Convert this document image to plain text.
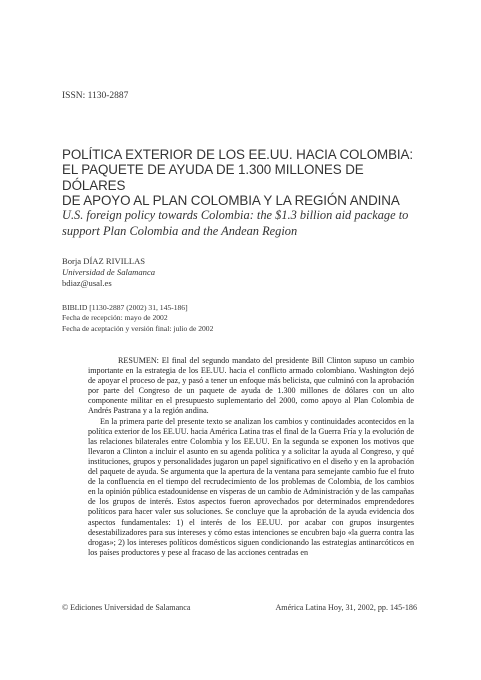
ISSN: 1130-2887
POLÍTICA EXTERIOR DE LOS EE.UU. HACIA COLOMBIA:
EL PAQUETE DE AYUDA DE 1.300 MILLONES DE DÓLARES
DE APOYO AL PLAN COLOMBIA Y LA REGIÓN ANDINA
U.S. foreign policy towards Colombia: the $1.3 billion aid package to
support Plan Colombia and the Andean Region
Borja DÍAZ RIVILLAS
Universidad de Salamanca
bdiaz@usal.es
BIBLID [1130-2887 (2002) 31, 145-186]
Fecha de recepción: mayo de 2002
Fecha de aceptación y versión final: julio de 2002

RESUMEN: El final del segundo mandato del presidente Bill Clinton supuso un cambio importante en la estrategia de los EE.UU. hacia el conflicto armado colombiano. Washington dejó de apoyar el proceso de paz, y pasó a tener un enfoque más belicista, que culminó con la aprobación por parte del Congreso de un paquete de ayuda de 1.300 millones de dólares con un alto componente militar en el presupuesto suplementario del 2000, como apoyo al Plan Colombia de Andrés Pastrana y a la región andina.

En la primera parte del presente texto se analizan los cambios y continuidades acontecidos en la política exterior de los EE.UU. hacia América Latina tras el final de la Guerra Fría y la evolución de las relaciones bilaterales entre Colombia y los EE.UU. En la segunda se exponen los motivos que llevaron a Clinton a incluir el asunto en su agenda política y a solicitar la ayuda al Congreso, y qué instituciones, grupos y personalidades jugaron un papel significativo en el diseño y en la aprobación del paquete de ayuda. Se argumenta que la apertura de la ventana para semejante cambio fue el fruto de la confluencia en el tiempo del recrudecimiento de los problemas de Colombia, de los cambios en la opinión pública estadounidense en vísperas de un cambio de Administración y de las campañas de los grupos de interés. Estos aspectos fueron aprovechados por determinados emprendedores políticos para hacer valer sus soluciones. Se concluye que la aprobación de la ayuda evidencia dos aspectos fundamentales: 1) el interés de los EE.UU. por acabar con grupos insurgentes desestabilizadores para sus intereses y cómo estas intenciones se encubren bajo «la guerra contra las drogas»; 2) los intereses políticos domésticos siguen condicionando las estrategias antinarcóticos en los países productores y pese al fracaso de las acciones centradas en

© Ediciones Universidad de Salamanca	América Latina Hoy, 31, 2002, pp. 145-186
